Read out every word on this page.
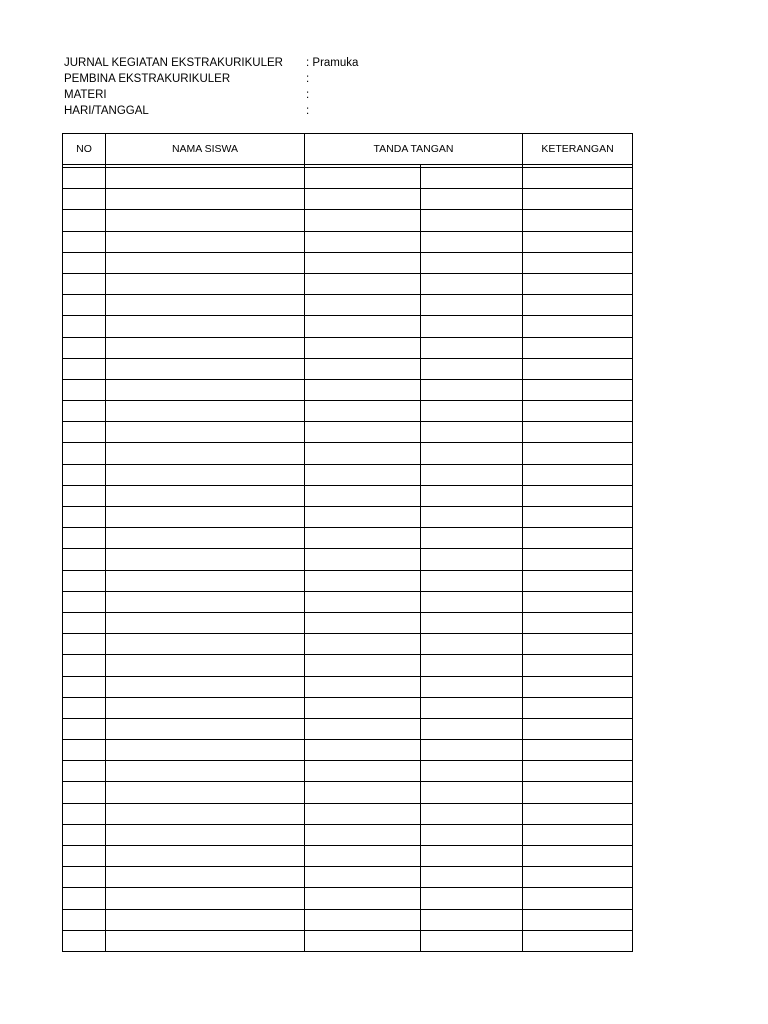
JURNAL KEGIATAN EKSTRAKURIKULER	: Pramuka
PEMBINA EKSTRAKURIKULER	:
MATERI	:
HARI/TANGGAL	:
NO	NAMA SISWA	TANDA TANGAN		KETERANGAN
